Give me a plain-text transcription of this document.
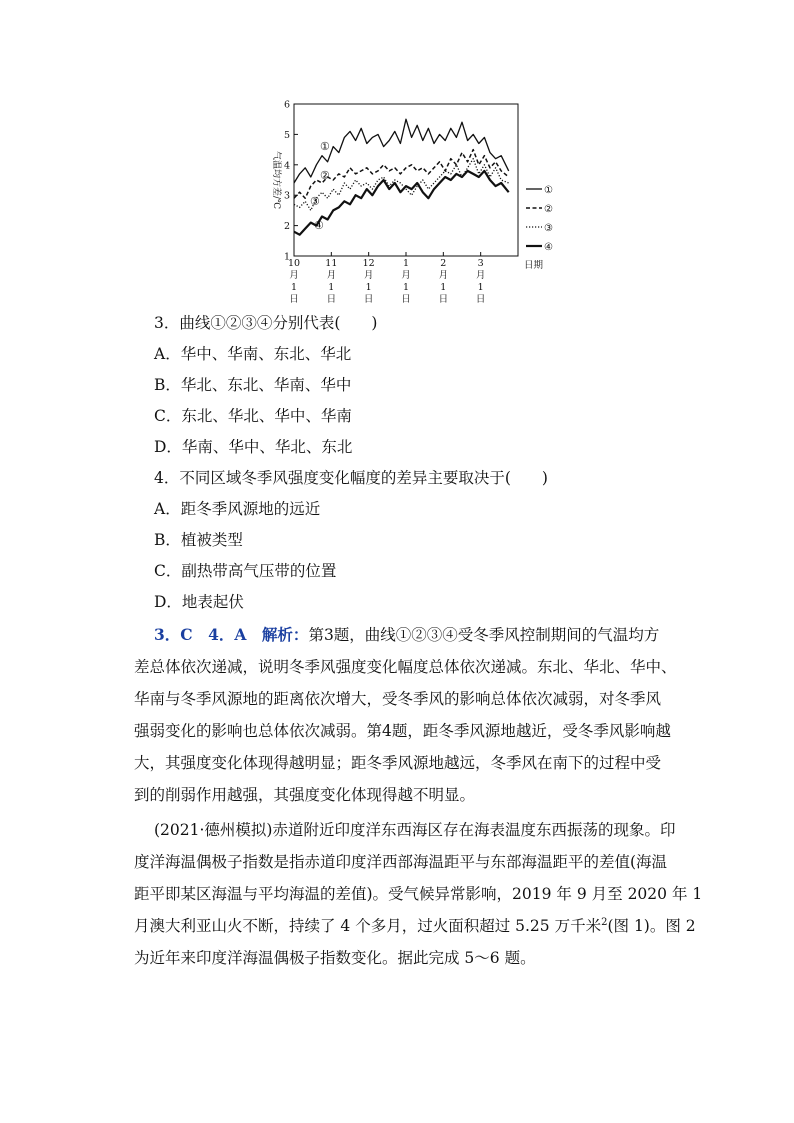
1
2
3
4
5
6
气温均方差/℃
10
月
1
日
11
月
1
日
12
月
1
日
1
月
1
日
2
月
1
日
3
月
1
日
日期
①
②
③
④
①
②
③
④
3．曲线①②③④分别代表(　　)
A．华中、华南、东北、华北
B．华北、东北、华南、华中
C．东北、华北、华中、华南
D．华南、华中、华北、东北
4．不同区域冬季风强度变化幅度的差异主要取决于(　　)
A．距冬季风源地的远近
B．植被类型
C．副热带高气压带的位置
D．地表起伏
3．C　4．A　解析：第3题，曲线①②③④受冬季风控制期间的气温均方
差总体依次递减，说明冬季风强度变化幅度总体依次递减。东北、华北、华中、
华南与冬季风源地的距离依次增大，受冬季风的影响总体依次减弱，对冬季风
强弱变化的影响也总体依次减弱。第4题，距冬季风源地越近，受冬季风影响越
大，其强度变化体现得越明显；距冬季风源地越远，冬季风在南下的过程中受
到的削弱作用越强，其强度变化体现得越不明显。
(2021·德州模拟)赤道附近印度洋东西海区存在海表温度东西振荡的现象。印
度洋海温偶极子指数是指赤道印度洋西部海温距平与东部海温距平的差值(海温
距平即某区海温与平均海温的差值)。受气候异常影响，2019 年 9 月至 2020 年 1
月澳大利亚山火不断，持续了 4 个多月，过火面积超过 5.25 万千米$^2$(图 1)。图 2
为近年来印度洋海温偶极子指数变化。据此完成 5～6 题。
